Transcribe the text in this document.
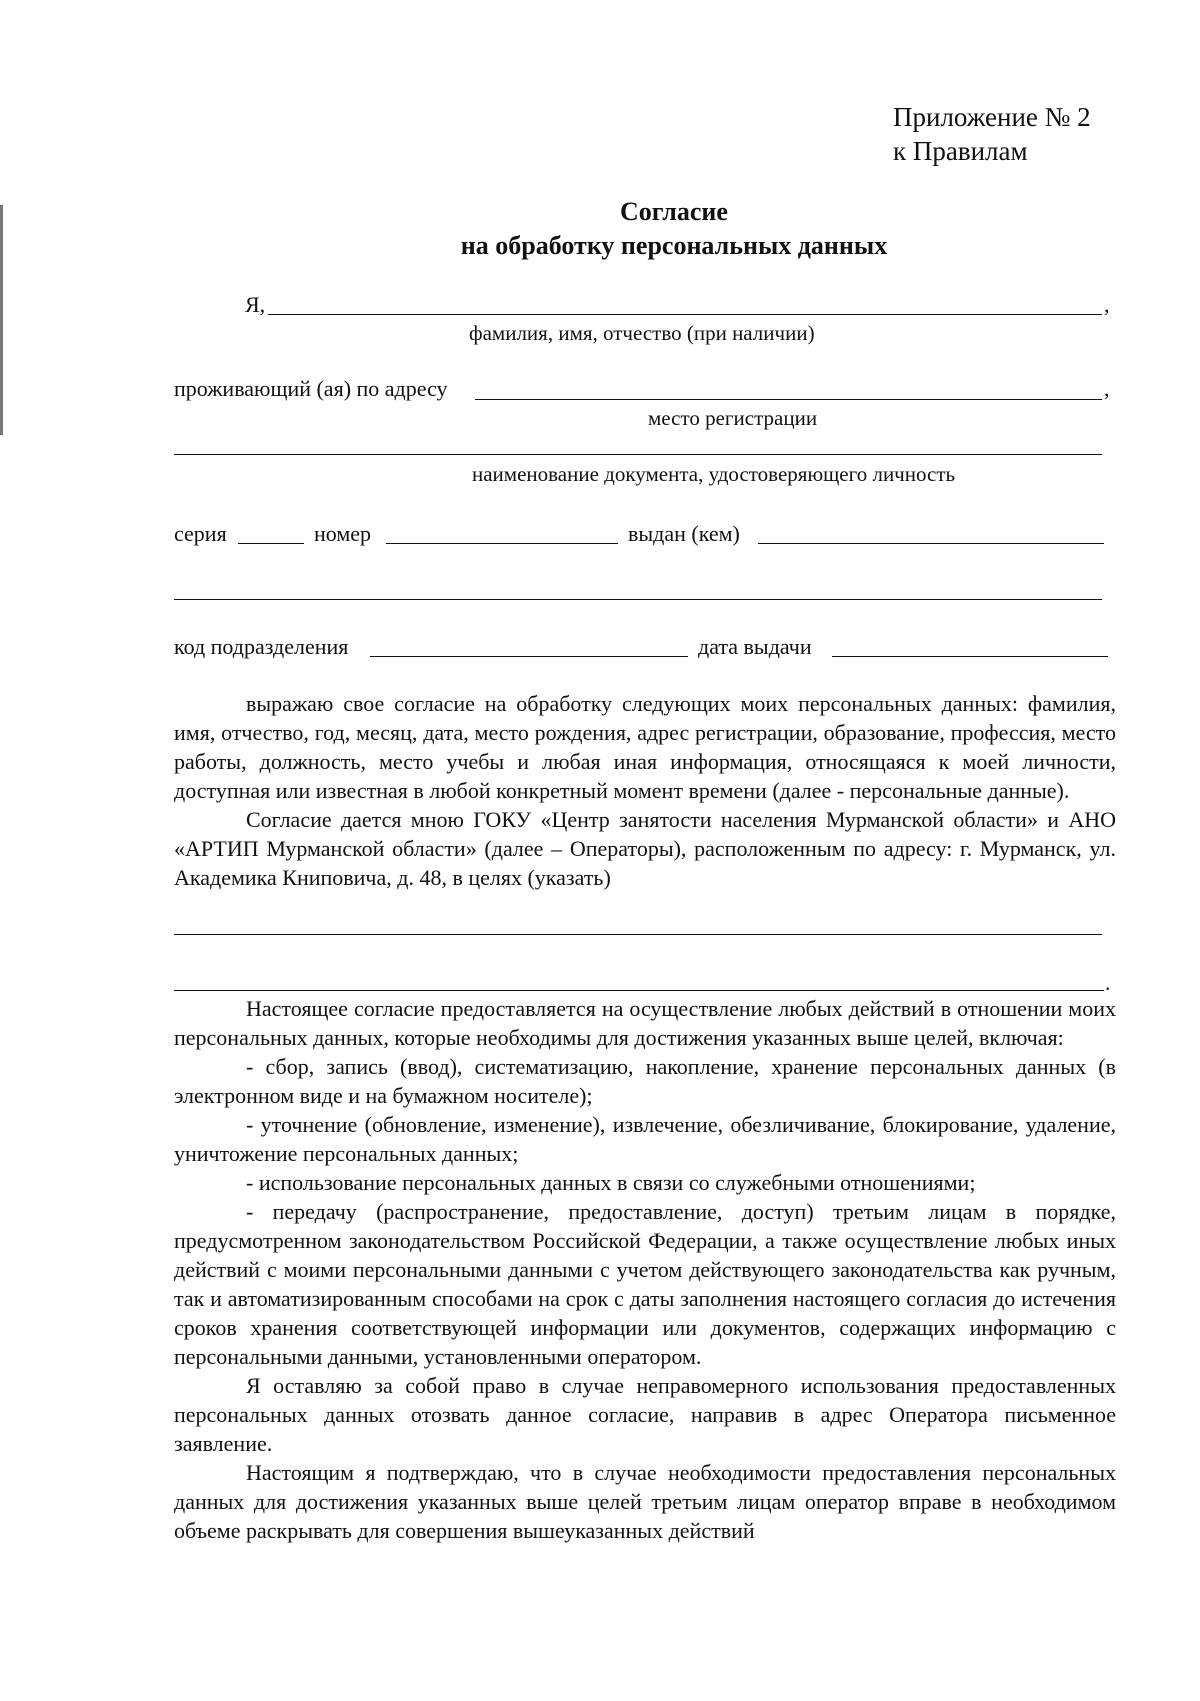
Приложение № 2
к Правилам
Согласие
на обработку персональных данных
Я,	,
фамилия, имя, отчество (при наличии)
проживающий (ая) по адресу	,
место регистрации
наименование документа, удостоверяющего личность
серия	номер	выдан (кем)
код подразделения	дата выдачи

выражаю свое согласие на обработку следующих моих персональных данных: фамилия, имя, отчество, год, месяц, дата, место рождения, адрес регистрации, образование, профессия, место работы, должность, место учебы и любая иная информация, относящаяся к моей личности, доступная или известная в любой конкретный момент времени (далее - персональные данные).

Согласие дается мною ГОКУ «Центр занятости населения Мурманской области» и АНО «АРТИП Мурманской области» (далее – Операторы), расположенным по адресу: г. Мурманск, ул. Академика Книповича, д. 48, в целях (указать)

.

Настоящее согласие предоставляется на осуществление любых действий в отношении моих персональных данных, которые необходимы для достижения указанных выше целей, включая:

- сбор, запись (ввод), систематизацию, накопление, хранение персональных данных (в электронном виде и на бумажном носителе);

- уточнение (обновление, изменение), извлечение, обезличивание, блокирование, удаление, уничтожение персональных данных;

- использование персональных данных в связи со служебными отношениями;

- передачу (распространение, предоставление, доступ) третьим лицам в порядке, предусмотренном законодательством Российской Федерации, а также осуществление любых иных действий с моими персональными данными с учетом действующего законодательства как ручным, так и автоматизированным способами на срок с даты заполнения настоящего согласия до истечения сроков хранения соответствующей информации или документов, содержащих информацию с персональными данными, установленными оператором.

Я оставляю за собой право в случае неправомерного использования предоставленных персональных данных отозвать данное согласие, направив в адрес Оператора письменное заявление.

Настоящим я подтверждаю, что в случае необходимости предоставления персональных данных для достижения указанных выше целей третьим лицам оператор вправе в необходимом объеме раскрывать для совершения вышеуказанных действий
